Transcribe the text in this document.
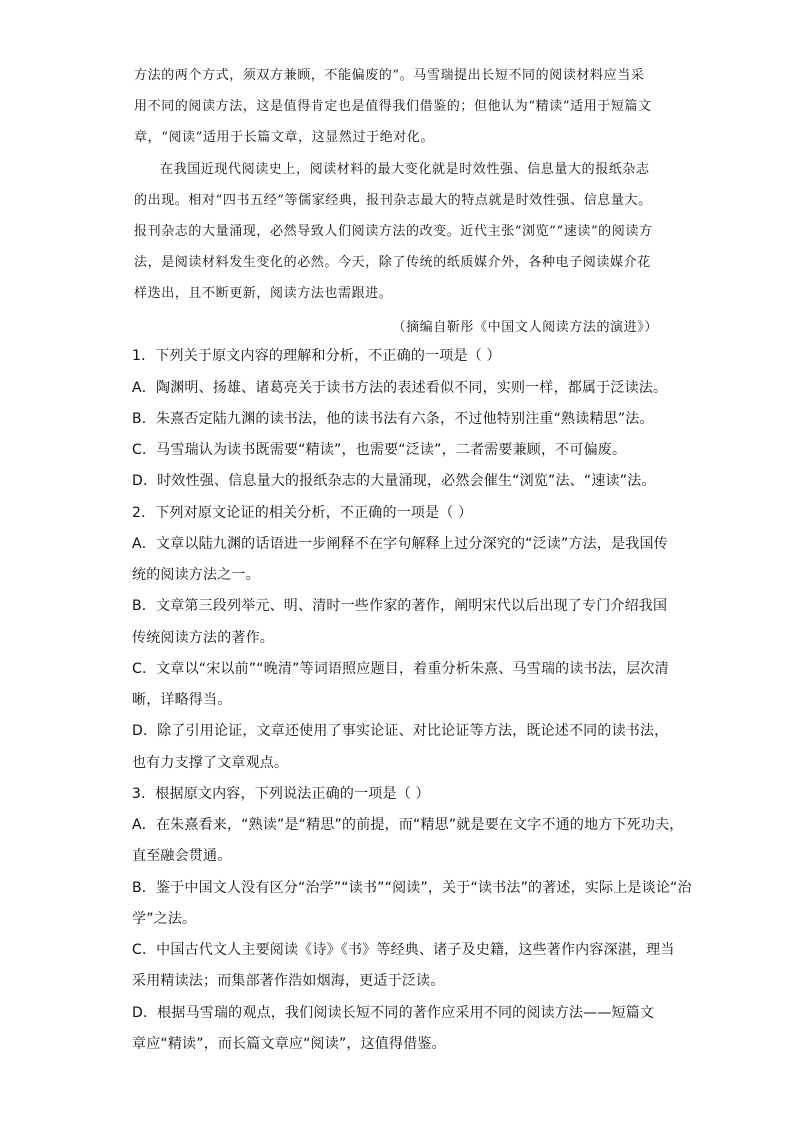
方法的两个方式，须双方兼顾，不能偏废的”。马雪瑞提出长短不同的阅读材料应当采
用不同的阅读方法，这是值得肯定也是值得我们借鉴的；但他认为“精读”适用于短篇文
章，“阅读”适用于长篇文章，这显然过于绝对化。
在我国近现代阅读史上，阅读材料的最大变化就是时效性强、信息量大的报纸杂志
的出现。相对“四书五经”等儒家经典，报刊杂志最大的特点就是时效性强、信息量大。
报刊杂志的大量涌现，必然导致人们阅读方法的改变。近代主张“浏览”“速读”的阅读方
法，是阅读材料发生变化的必然。今天，除了传统的纸质媒介外，各种电子阅读媒介花
样迭出，且不断更新，阅读方法也需跟进。
（摘编自靳彤《中国文人阅读方法的演进》）
1．下列关于原文内容的理解和分析，不正确的一项是（ ）
A．陶渊明、扬雄、诸葛亮关于读书方法的表述看似不同，实则一样，都属于泛读法。
B．朱熹否定陆九渊的读书法，他的读书法有六条，不过他特别注重“熟读精思”法。
C．马雪瑞认为读书既需要“精读”，也需要“泛读”，二者需要兼顾，不可偏废。
D．时效性强、信息量大的报纸杂志的大量涌现，必然会催生“浏览”法、“速读”法。
2．下列对原文论证的相关分析，不正确的一项是（ ）
A．文章以陆九渊的话语进一步阐释不在字句解释上过分深究的“泛读”方法，是我国传
统的阅读方法之一。
B．文章第三段列举元、明、清时一些作家的著作，阐明宋代以后出现了专门介绍我国
传统阅读方法的著作。
C．文章以“宋以前”“晚清”等词语照应题目，着重分析朱熹、马雪瑞的读书法，层次清
晰，详略得当。
D．除了引用论证，文章还使用了事实论证、对比论证等方法，既论述不同的读书法，
也有力支撑了文章观点。
3．根据原文内容，下列说法正确的一项是（ ）
A．在朱熹看来，“熟读”是“精思”的前提，而“精思”就是要在文字不通的地方下死功夫，
直至融会贯通。
B．鉴于中国文人没有区分“治学”“读书”“阅读”，关于“读书法”的著述，实际上是谈论“治
学”之法。
C．中国古代文人主要阅读《诗》《书》等经典、诸子及史籍，这些著作内容深湛，理当
采用精读法；而集部著作浩如烟海，更适于泛读。
D．根据马雪瑞的观点，我们阅读长短不同的著作应采用不同的阅读方法——短篇文
章应“精读”，而长篇文章应“阅读”，这值得借鉴。
